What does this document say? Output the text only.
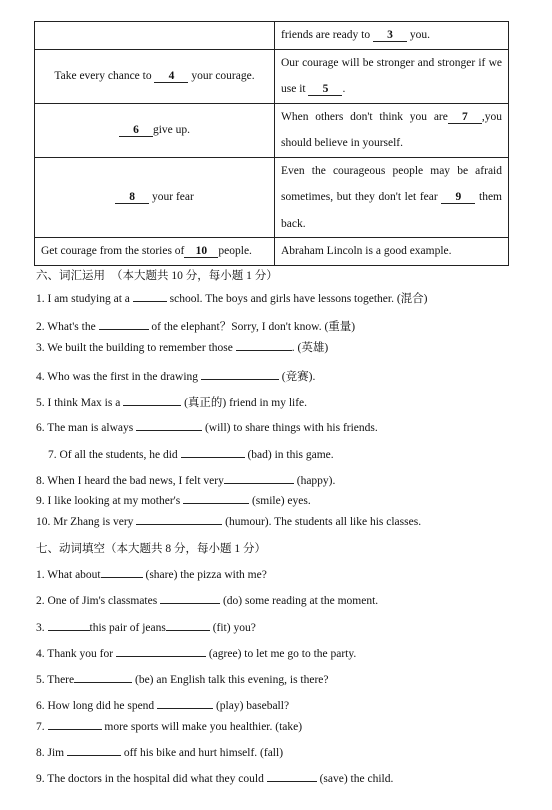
	friends are ready to 3 you.
Take every chance to 4 your courage.	Our courage will be stronger and stronger if we use it 5 .
6 give up.	When others don't think you are 7 ,you should believe in yourself.
8 your fear	Even the courageous people may be afraid sometimes, but they don't let fear 9 them back.
Get courage from the stories of 10 people.	Abraham Lincoln is a good example.
六、词汇运用 （本大题共 10 分，每小题 1 分）
1. I am studying at a	school. The boys and girls have lessons together. (混合)
2. What's the	of the elephant？Sorry, I don't know. (重量)
3. We built the building to remember those	. (英雄)
4. Who was the first in the drawing	(竞赛).
5. I think Max is a	(真正的) friend in my life.
6. The man is always	(will) to share things with his friends.
7. Of all the students, he did	(bad) in this game.
8. When I heard the bad news, I felt very	(happy).
9. I like looking at my mother's	(smile) eyes.
10. Mr Zhang is very	(humour). The students all like his classes.
七、动词填空（本大题共 8 分，每小题 1 分）
1. What about	(share) the pizza with me?
2. One of Jim's classmates	(do) some reading at the moment.
3.	this pair of jeans	(fit) you?
4. Thank you for	(agree) to let me go to the party.
5. There	(be) an English talk this evening, is there?
6. How long did he spend	(play) baseball?
7.	more sports will make you healthier. (take)
8. Jim	off his bike and hurt himself. (fall)
9. The doctors in the hospital did what they could	(save) the child.
